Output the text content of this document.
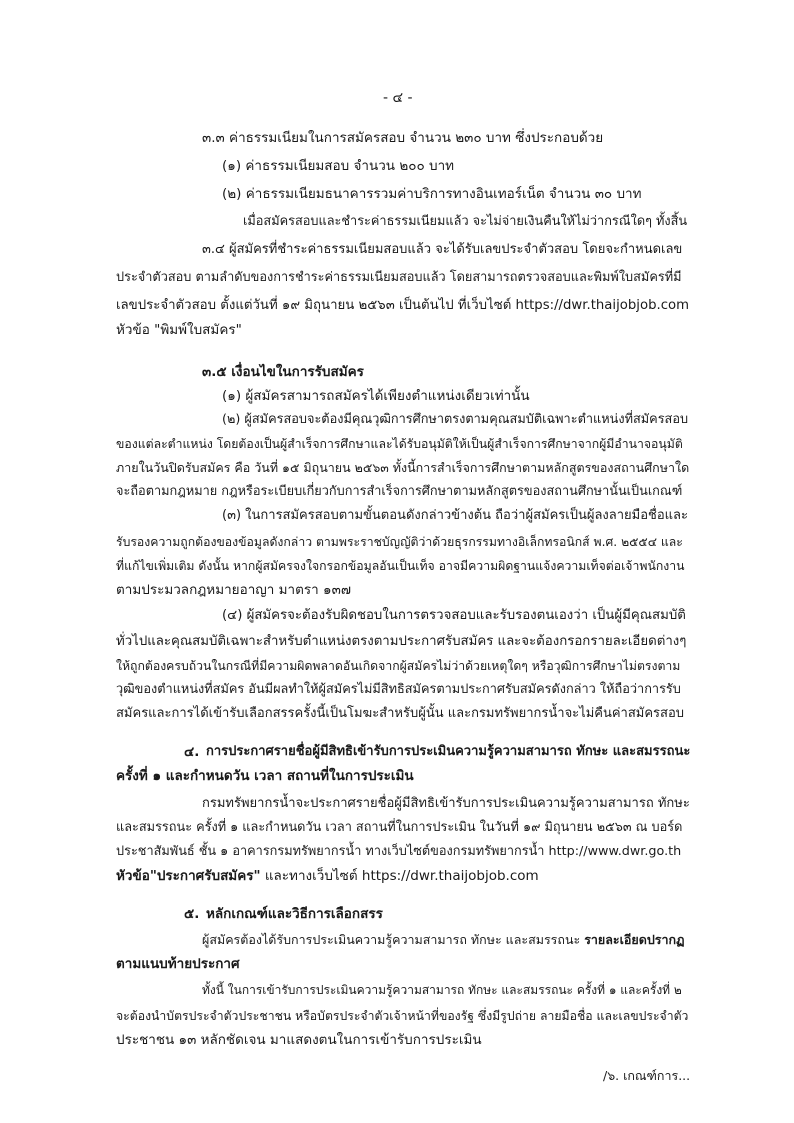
- ๔ -

๓.๓ ค่าธรรมเนียมในการสมัครสอบ จำนวน ๒๓๐ บาท ซึ่งประกอบด้วย

(๑) ค่าธรรมเนียมสอบ จำนวน ๒๐๐ บาท

(๒) ค่าธรรมเนียมธนาคารรวมค่าบริการทางอินเทอร์เน็ต จำนวน ๓๐ บาท

เมื่อสมัครสอบและชำระค่าธรรมเนียมแล้ว จะไม่จ่ายเงินคืนให้ไม่ว่ากรณีใดๆ ทั้งสิ้น

๓.๔ ผู้สมัครที่ชำระค่าธรรมเนียมสอบแล้ว จะได้รับเลขประจำตัวสอบ โดยจะกำหนดเลข

ประจำตัวสอบ ตามลำดับของการชำระค่าธรรมเนียมสอบแล้ว โดยสามารถตรวจสอบและพิมพ์ใบสมัครที่มี

เลขประจำตัวสอบ ตั้งแต่วันที่ ๑๙ มิถุนายน ๒๕๖๓ เป็นต้นไป ที่เว็บไซต์ https://dwr.thaijobjob.com

หัวข้อ "พิมพ์ใบสมัคร"

๓.๕ เงื่อนไขในการรับสมัคร

(๑) ผู้สมัครสามารถสมัครได้เพียงตำแหน่งเดียวเท่านั้น

(๒) ผู้สมัครสอบจะต้องมีคุณวุฒิการศึกษาตรงตามคุณสมบัติเฉพาะตำแหน่งที่สมัครสอบ

ของแต่ละตำแหน่ง โดยต้องเป็นผู้สำเร็จการศึกษาและได้รับอนุมัติให้เป็นผู้สำเร็จการศึกษาจากผู้มีอำนาจอนุมัติ

ภายในวันปิดรับสมัคร คือ วันที่ ๑๕ มิถุนายน ๒๕๖๓ ทั้งนี้การสำเร็จการศึกษาตามหลักสูตรของสถานศึกษาใด

จะถือตามกฎหมาย กฎหรือระเบียบเกี่ยวกับการสำเร็จการศึกษาตามหลักสูตรของสถานศึกษานั้นเป็นเกณฑ์

(๓) ในการสมัครสอบตามขั้นตอนดังกล่าวข้างต้น ถือว่าผู้สมัครเป็นผู้ลงลายมือชื่อและ

รับรองความถูกต้องของข้อมูลดังกล่าว ตามพระราชบัญญัติว่าด้วยธุรกรรมทางอิเล็กทรอนิกส์ พ.ศ. ๒๕๕๔ และ

ที่แก้ไขเพิ่มเติม ดังนั้น หากผู้สมัครจงใจกรอกข้อมูลอันเป็นเท็จ อาจมีความผิดฐานแจ้งความเท็จต่อเจ้าพนักงาน

ตามประมวลกฎหมายอาญา มาตรา ๑๓๗

(๔) ผู้สมัครจะต้องรับผิดชอบในการตรวจสอบและรับรองตนเองว่า เป็นผู้มีคุณสมบัติ

ทั่วไปและคุณสมบัติเฉพาะสำหรับตำแหน่งตรงตามประกาศรับสมัคร และจะต้องกรอกรายละเอียดต่างๆ

ให้ถูกต้องครบถ้วนในกรณีที่มีความผิดพลาดอันเกิดจากผู้สมัครไม่ว่าด้วยเหตุใดๆ หรือวุฒิการศึกษาไม่ตรงตาม

วุฒิของตำแหน่งที่สมัคร อันมีผลทำให้ผู้สมัครไม่มีสิทธิสมัครตามประกาศรับสมัครดังกล่าว ให้ถือว่าการรับ

สมัครและการได้เข้ารับเลือกสรรครั้งนี้เป็นโมฆะสำหรับผู้นั้น และกรมทรัพยากรน้ำจะไม่คืนค่าสมัครสอบ

๔. การประกาศรายชื่อผู้มีสิทธิเข้ารับการประเมินความรู้ความสามารถ ทักษะ และสมรรถนะ

ครั้งที่ ๑ และกำหนดวัน เวลา สถานที่ในการประเมิน

กรมทรัพยากรน้ำจะประกาศรายชื่อผู้มีสิทธิเข้ารับการประเมินความรู้ความสามารถ ทักษะ

และสมรรถนะ ครั้งที่ ๑ และกำหนดวัน เวลา สถานที่ในการประเมิน ในวันที่ ๑๙ มิถุนายน ๒๕๖๓ ณ บอร์ด

ประชาสัมพันธ์ ชั้น ๑ อาคารกรมทรัพยากรน้ำ ทางเว็บไซต์ของกรมทรัพยากรน้ำ http://www.dwr.go.th

หัวข้อ"ประกาศรับสมัคร" และทางเว็บไซต์ https://dwr.thaijobjob.com

๕. หลักเกณฑ์และวิธีการเลือกสรร

ผู้สมัครต้องได้รับการประเมินความรู้ความสามารถ ทักษะ และสมรรถนะ รายละเอียดปรากฏ

ตามแนบท้ายประกาศ

ทั้งนี้ ในการเข้ารับการประเมินความรู้ความสามารถ ทักษะ และสมรรถนะ ครั้งที่ ๑ และครั้งที่ ๒

จะต้องนำบัตรประจำตัวประชาชน หรือบัตรประจำตัวเจ้าหน้าที่ของรัฐ ซึ่งมีรูปถ่าย ลายมือชื่อ และเลขประจำตัว

ประชาชน ๑๓ หลักชัดเจน มาแสดงตนในการเข้ารับการประเมิน

/๖. เกณฑ์การ...
